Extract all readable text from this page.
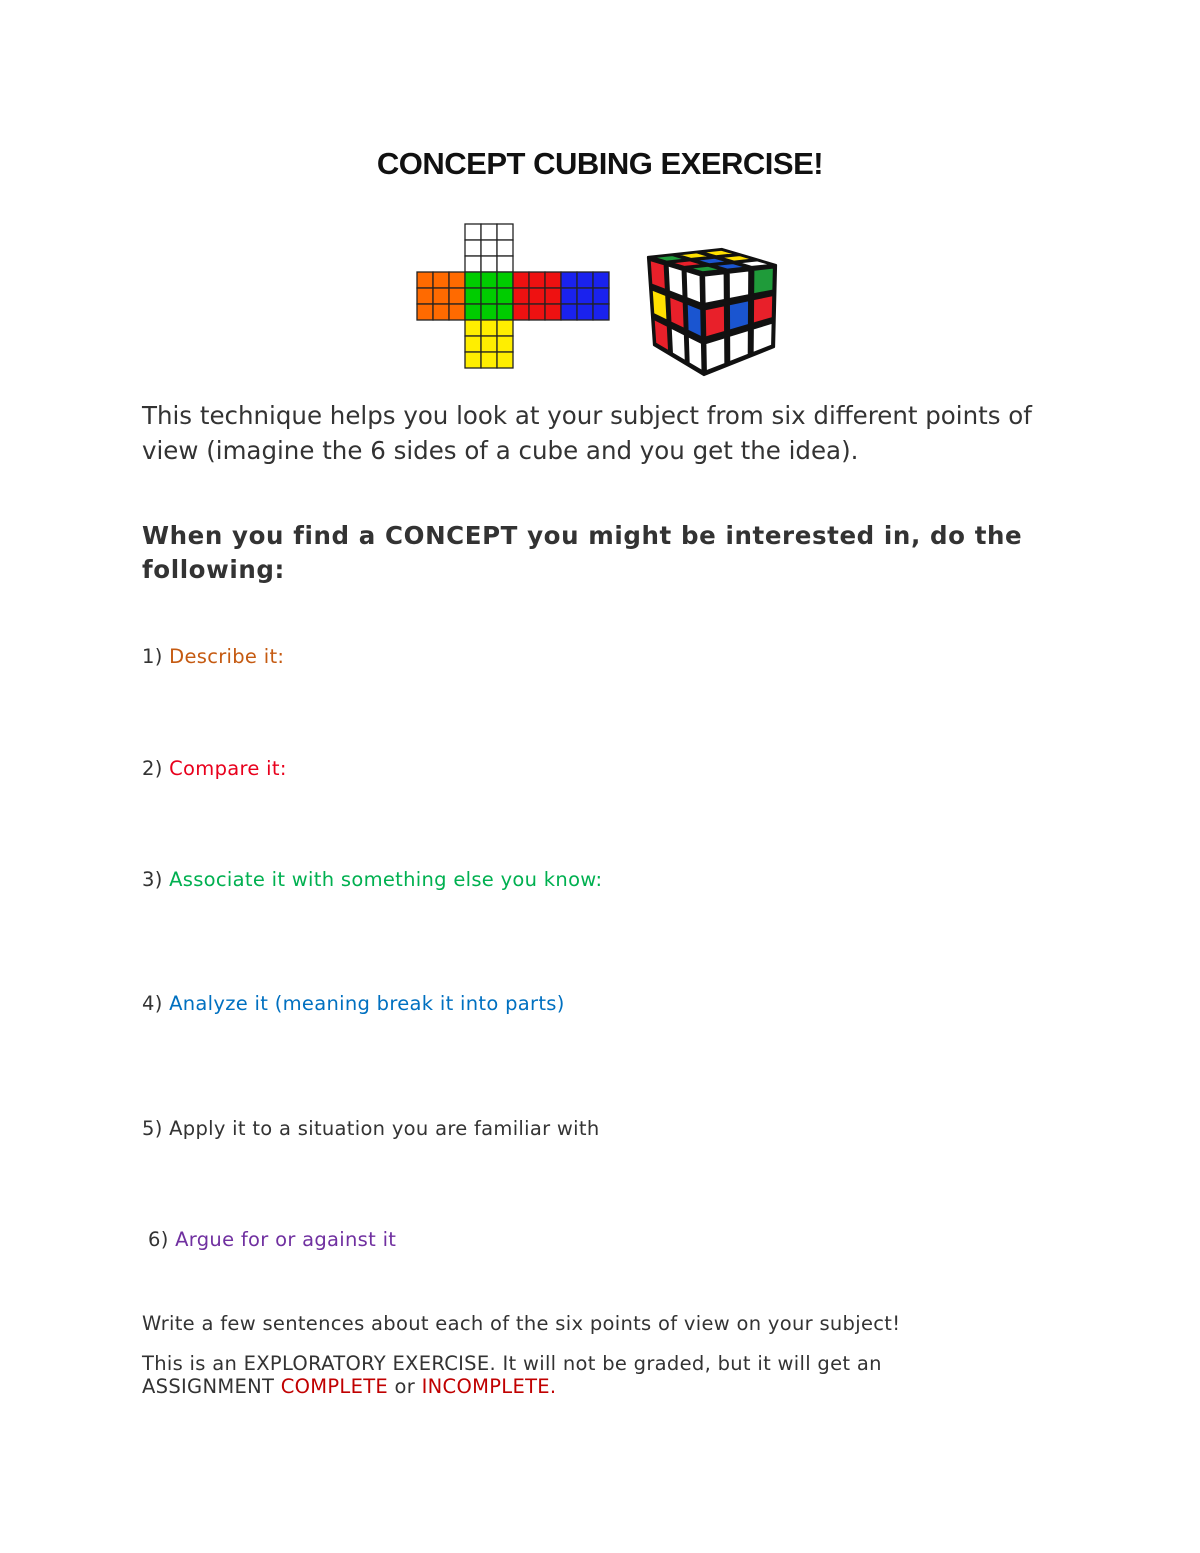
CONCEPT CUBING EXERCISE!
This technique helps you look at your subject from six different points of view (imagine the 6 sides of a cube and you get the idea).
When you find a CONCEPT you might be interested in, do the following:
1) Describe it:
2) Compare it:
3) Associate it with something else you know:
4) Analyze it (meaning break it into parts)
5) Apply it to a situation you are familiar with
6) Argue for or against it
Write a few sentences about each of the six points of view on your subject!
This is an EXPLORATORY EXERCISE. It will not be graded, but it will get an
ASSIGNMENT COMPLETE or INCOMPLETE.
